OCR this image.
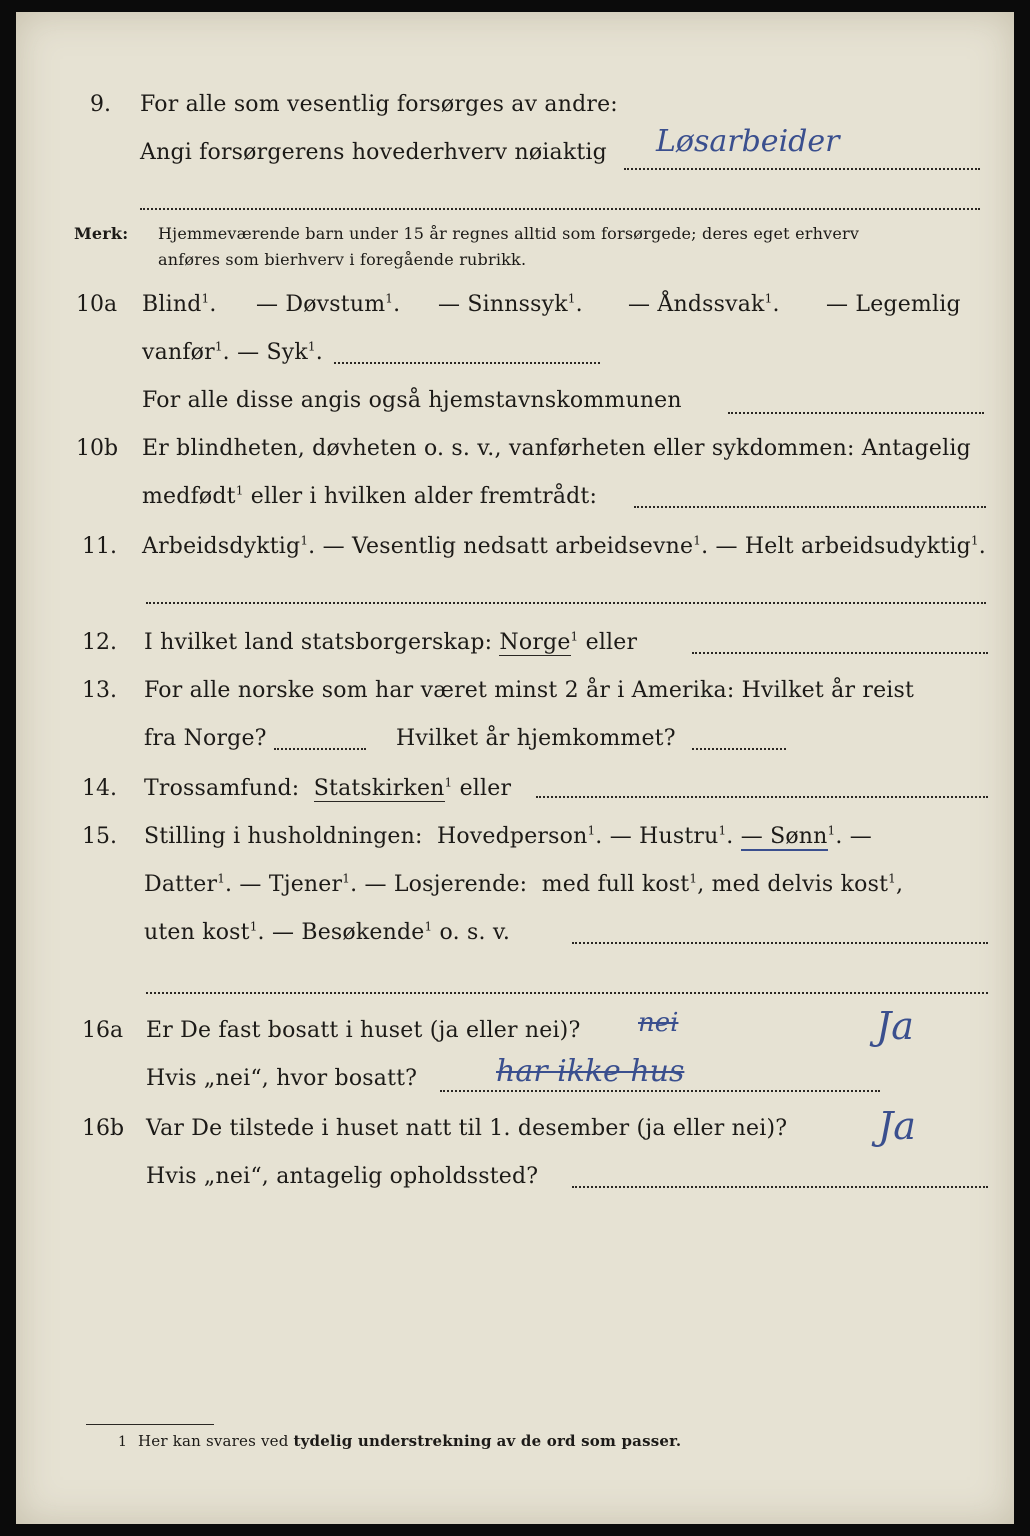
9. For alle som vesentlig forsørges av andre:
Angi forsørgerens hovederhverv nøiaktig Løsarbeider
Merk: Hjemmeværende barn under 15 år regnes alltid som forsørgede; deres eget erhverv
anføres som bierhverv i foregående rubrikk.
10a Blind$^1$. — Døvstum$^1$. — Sinnssyk$^1$. — Åndssvak$^1$. — Legemlig
vanfør$^1$. — Syk$^1$.
For alle disse angis også hjemstavnskommunen
10b Er blindheten, døvheten o. s. v., vanførheten eller sykdommen: Antagelig
medfødt$^1$ eller i hvilken alder fremtrådt:
11. Arbeidsdyktig$^1$. — Vesentlig nedsatt arbeidsevne$^1$. — Helt arbeidsudyktig$^1$.
12. I hvilket land statsborgerskap: Norge$^1$ eller
13. For alle norske som har været minst 2 år i Amerika: Hvilket år reist
fra Norge?	Hvilket år hjemkommet?
14. Trossamfund: Statskirken$^1$ eller
15. Stilling i husholdningen: Hovedperson$^1$. — Hustru$^1$. — Sønn$^1$. —
Datter$^1$. — Tjener$^1$. — Losjerende: med full kost$^1$, med delvis kost$^1$,
uten kost$^1$. — Besøkende$^1$ o. s. v.
16a Er De fast bosatt i huset (ja eller nei)? nei	Ja
Hvis „nei“, hvor bosatt?	har ikke hus
16b Var De tilstede i huset natt til 1. desember (ja eller nei)? Ja
Hvis „nei“, antagelig opholdssted?
1 Her kan svares ved tydelig understrekning av de ord som passer.
